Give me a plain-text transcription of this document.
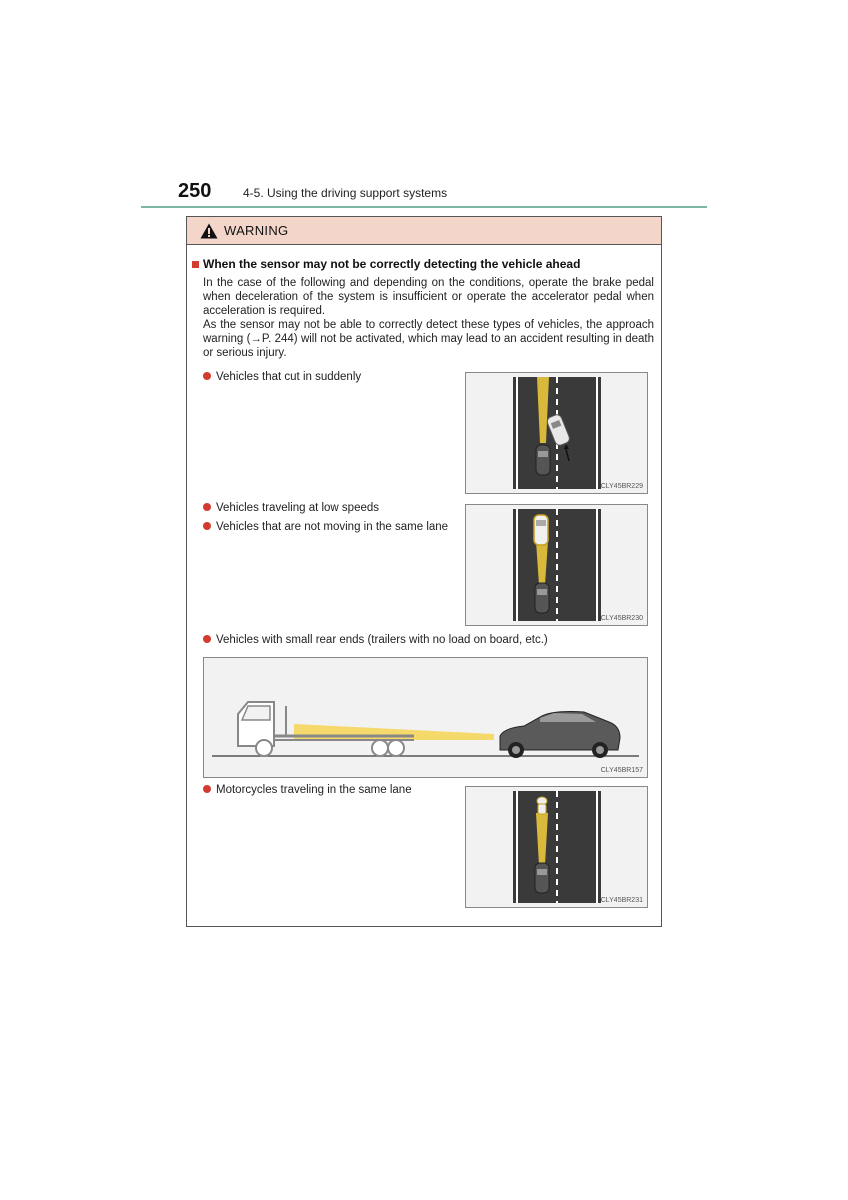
250	4-5. Using the driving support systems
WARNING
When the sensor may not be correctly detecting the vehicle ahead

In the case of the following and depending on the conditions, operate the brake pedal when deceleration of the system is insufficient or operate the accelerator pedal when acceleration is required.

As the sensor may not be able to correctly detect these types of vehicles, the approach warning (→P. 244) will not be activated, which may lead to an accident resulting in death or serious injury.

Vehicles that cut in suddenly
Vehicles traveling at low speeds
Vehicles that are not moving in the same lane
Vehicles with small rear ends (trailers with no load on board, etc.)
Motorcycles traveling in the same lane
CLY45BR229
CLY45BR230
CLY45BR157
CLY45BR231
